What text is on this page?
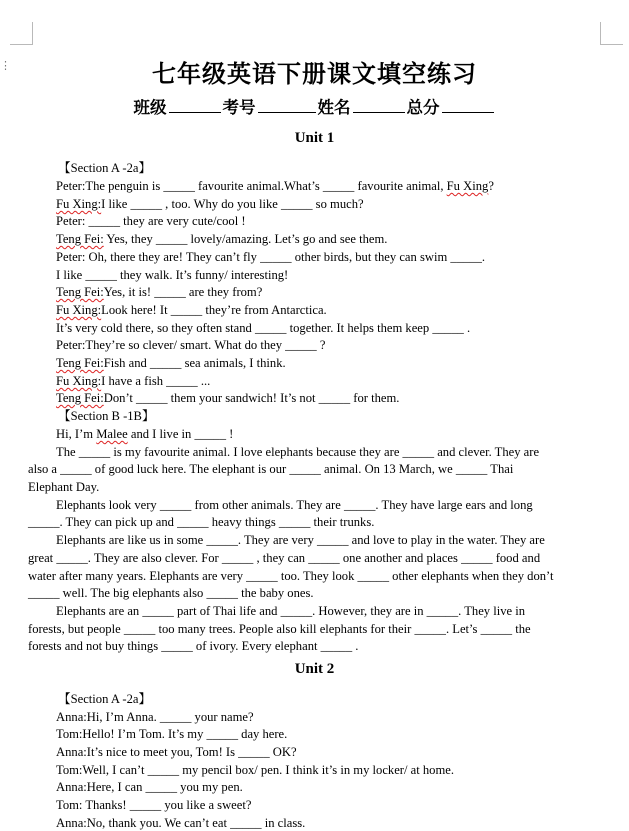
⋮	七年级英语下册课文填空练习
班级	考号	姓名	总分
Unit 1
【Section A -2a】
Peter:The penguin is _____ favourite animal.What’s _____ favourite animal, Fu Xing?
Fu Xing:I like _____ , too. Why do you like _____ so much?
Peter: _____ they are very cute/cool !
Teng Fei: Yes, they _____ lovely/amazing. Let’s go and see them.
Peter: Oh, there they are! They can’t fly _____ other birds, but they can swim _____.
I like _____ they walk. It’s funny/ interesting!
Teng Fei:Yes, it is! _____ are they from?
Fu Xing:Look here! It _____ they’re from Antarctica.
It’s very cold there, so they often stand _____ together. It helps them keep _____ .
Peter:They’re so clever/ smart. What do they _____ ?
Teng Fei:Fish and _____ sea animals, I think.
Fu Xing:I have a fish _____ ...
Teng Fei:Don’t _____ them your sandwich! It’s not _____ for them.
【Section B -1B】
Hi, I’m Malee and I live in _____ !
The _____ is my favourite animal. I love elephants because they are _____ and clever. They are
also a _____ of good luck here. The elephant is our _____ animal. On 13 March, we _____ Thai
Elephant Day.
Elephants look very _____ from other animals. They are _____. They have large ears and long
_____. They can pick up and _____ heavy things _____ their trunks.
Elephants are like us in some _____. They are very _____ and love to play in the water. They are
great _____. They are also clever. For _____ , they can _____ one another and places _____ food and
water after many years. Elephants are very _____ too. They look _____ other elephants when they don’t
_____ well. The big elephants also _____ the baby ones.
Elephants are an _____ part of Thai life and _____. However, they are in _____. They live in
forests, but people _____ too many trees. People also kill elephants for their _____. Let’s _____ the
forests and not buy things _____ of ivory. Every elephant _____ .
Unit 2
【Section A -2a】
Anna:Hi, I’m Anna. _____ your name?
Tom:Hello! I’m Tom. It’s my _____ day here.
Anna:It’s nice to meet you, Tom! Is _____ OK?
Tom:Well, I can’t _____ my pencil box/ pen. I think it’s in my locker/ at home.
Anna:Here, I can _____ you my pen.
Tom: Thanks! _____ you like a sweet?
Anna:No, thank you. We can’t eat _____ in class.
